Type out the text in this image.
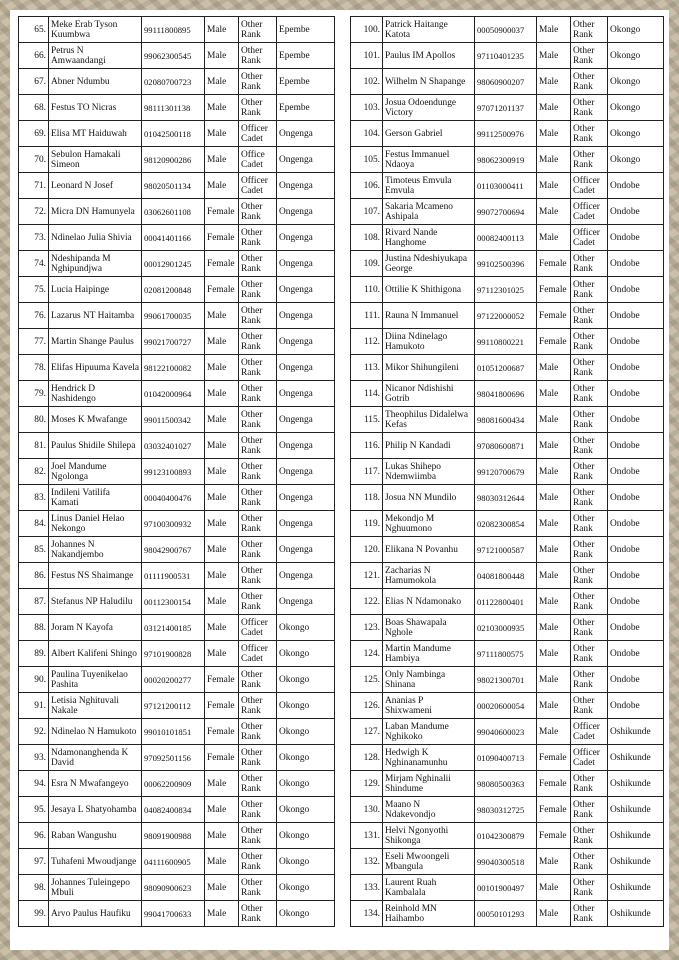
65.	Meke Erab Tyson Kuumbwa	99111800895	Male	Other Rank	Epembe
66.	Petrus N Amwaandangi	99062300545	Male	Other Rank	Epembe
67.	Abner Ndumbu	02080700723	Male	Other Rank	Epembe
68.	Festus TO Nicras	98111301138	Male	Other Rank	Epembe
69.	Elisa MT Haiduwah	01042500118	Male	Officer Cadet	Ongenga
70.	Sebulon Hamakali Simeon	98120900286	Male	Office Cadet	Ongenga
71.	Leonard N Josef	98020501134	Male	Officer Cadet	Ongenga
72.	Micra DN Hamunyela	03062601108	Female	Other Rank	Ongenga
73.	Ndinelao Julia Shivia	00041401166	Female	Other Rank	Ongenga
74.	Ndeshipanda M Nghipundjwa	00012901245	Female	Other Rank	Ongenga
75.	Lucia Haipinge	02081200848	Female	Other Rank	Ongenga
76.	Lazarus NT Haitamba	99061700035	Male	Other Rank	Ongenga
77.	Martin Shange Paulus	99021700727	Male	Other Rank	Ongenga
78.	Elifas Hipuuma Kavela	98122100082	Male	Other Rank	Ongenga
79.	Hendrick D Nashidengo	01042000964	Male	Other Rank	Ongenga
80.	Moses K Mwafange	99011500342	Male	Other Rank	Ongenga
81.	Paulus Shidile Shilepa	03032401027	Male	Other Rank	Ongenga
82.	Joel Mandume Ngolonga	99123100893	Male	Other Rank	Ongenga
83.	Indileni Vatilifa Kamati	00040400476	Male	Other Rank	Ongenga
84.	Linus Daniel Helao Nekongo	97100300932	Male	Other Rank	Ongenga
85.	Johannes N Nakandjembo	98042900767	Male	Other Rank	Ongenga
86.	Festus NS Shaimange	01111900531	Male	Other Rank	Ongenga
87.	Stefanus NP Haludilu	00112300154	Male	Other Rank	Ongenga
88.	Joram N Kayofa	03121400185	Male	Officer Cadet	Okongo
89.	Albert Kalifeni Shingo	97101900828	Male	Officer Cadet	Okongo
90.	Paulina Tuyenikelao Pashita	00020200277	Female	Other Rank	Okongo
91.	Letisia Nghituvali Nakale	97121200112	Female	Other Rank	Okongo
92.	Ndinelao N Hamukoto	99010101851	Female	Other Rank	Okongo
93.	Ndamonanghenda K David	97092501156	Female	Other Rank	Okongo
94.	Esra N Mwafangeyo	00062200909	Male	Other Rank	Okongo
95.	Jesaya L Shatyohamba	04082400834	Male	Other Rank	Okongo
96.	Raban Wangushu	98091900988	Male	Other Rank	Okongo
97.	Tuhafeni Mwoudjange	04111600905	Male	Other Rank	Okongo
98.	Johannes Tuleingepo Mbuli	98090900623	Male	Other Rank	Okongo
99.	Arvo Paulus Haufiku	99041700633	Male	Other Rank	Okongo
100.	Patrick Haitange Katota	00050900037	Male	Other Rank	Okongo
101.	Paulus IM Apollos	97110401235	Male	Other Rank	Okongo
102.	Wilhelm N Shapange	98060900207	Male	Other Rank	Okongo
103.	Josua Odoendunge Victory	97071201137	Male	Other Rank	Okongo
104.	Gerson Gabriel	99112500976	Male	Other Rank	Okongo
105.	Festus Immanuel Ndaoya	98062300919	Male	Other Rank	Okongo
106.	Timoteus Emvula Emvula	01103000411	Male	Officer Cadet	Ondobe
107.	Sakaria Mcameno Ashipala	99072700694	Male	Officer Cadet	Ondobe
108.	Rivard Nande Hanghome	00082400113	Male	Officer Cadet	Ondobe
109.	Justina Ndeshiyukapa George	99102500396	Female	Other Rank	Ondobe
110.	Ottilie K Shithigona	97112301025	Female	Other Rank	Ondobe
111.	Rauna N Immanuel	97122000052	Female	Other Rank	Ondobe
112.	Diina Ndinelago Hamukoto	99110800221	Female	Other Rank	Ondobe
113.	Mikor Shihungileni	01051200687	Male	Other Rank	Ondobe
114.	Nicanor Ndishishi Gotrib	98041800696	Male	Other Rank	Ondobe
115.	Theophilus Didalelwa Kefas	98081600434	Male	Other Rank	Ondobe
116.	Philip N Kandadi	97080600871	Male	Other Rank	Ondobe
117.	Lukas Shihepo Ndemwiimba	99120700679	Male	Other Rank	Ondobe
118.	Josua NN Mundilo	98030312644	Male	Other Rank	Ondobe
119.	Mekondjo M Nghuumono	02082300854	Male	Other Rank	Ondobe
120.	Elikana N Povanhu	97121000587	Male	Other Rank	Ondobe
121.	Zacharias N Hamumokola	04081800448	Male	Other Rank	Ondobe
122.	Elias N Ndamonako	01122800401	Male	Other Rank	Ondobe
123.	Boas Shawapala Nghole	02103000935	Male	Other Rank	Ondobe
124.	Martin Mandume Hambiya	97111800575	Male	Other Rank	Ondobe
125.	Only Nambinga Shinana	98021300701	Male	Other Rank	Ondobe
126.	Ananias P Shixwameni	00020600054	Male	Other Rank	Ondobe
127.	Laban Mandume Nghikoko	99040600023	Male	Officer Cadet	Oshikunde
128.	Hedwigh K Nghinanamunhu	01090400713	Female	Officer Cadet	Oshikunde
129.	Mirjam Nghinalii Shindume	98080500363	Female	Other Rank	Oshikunde
130.	Maano N Ndakevondjo	98030312725	Female	Other Rank	Oshikunde
131.	Helvi Ngonyothi Shikonga	01042300879	Female	Other Rank	Oshikunde
132.	Eseli Mwoongeli Mbangula	99040300518	Male	Other Rank	Oshikunde
133.	Laurent Ruah Kambalala	00101900497	Male	Other Rank	Oshikunde
134.	Reinhold MN Haihambo	00050101293	Male	Other Rank	Oshikunde
